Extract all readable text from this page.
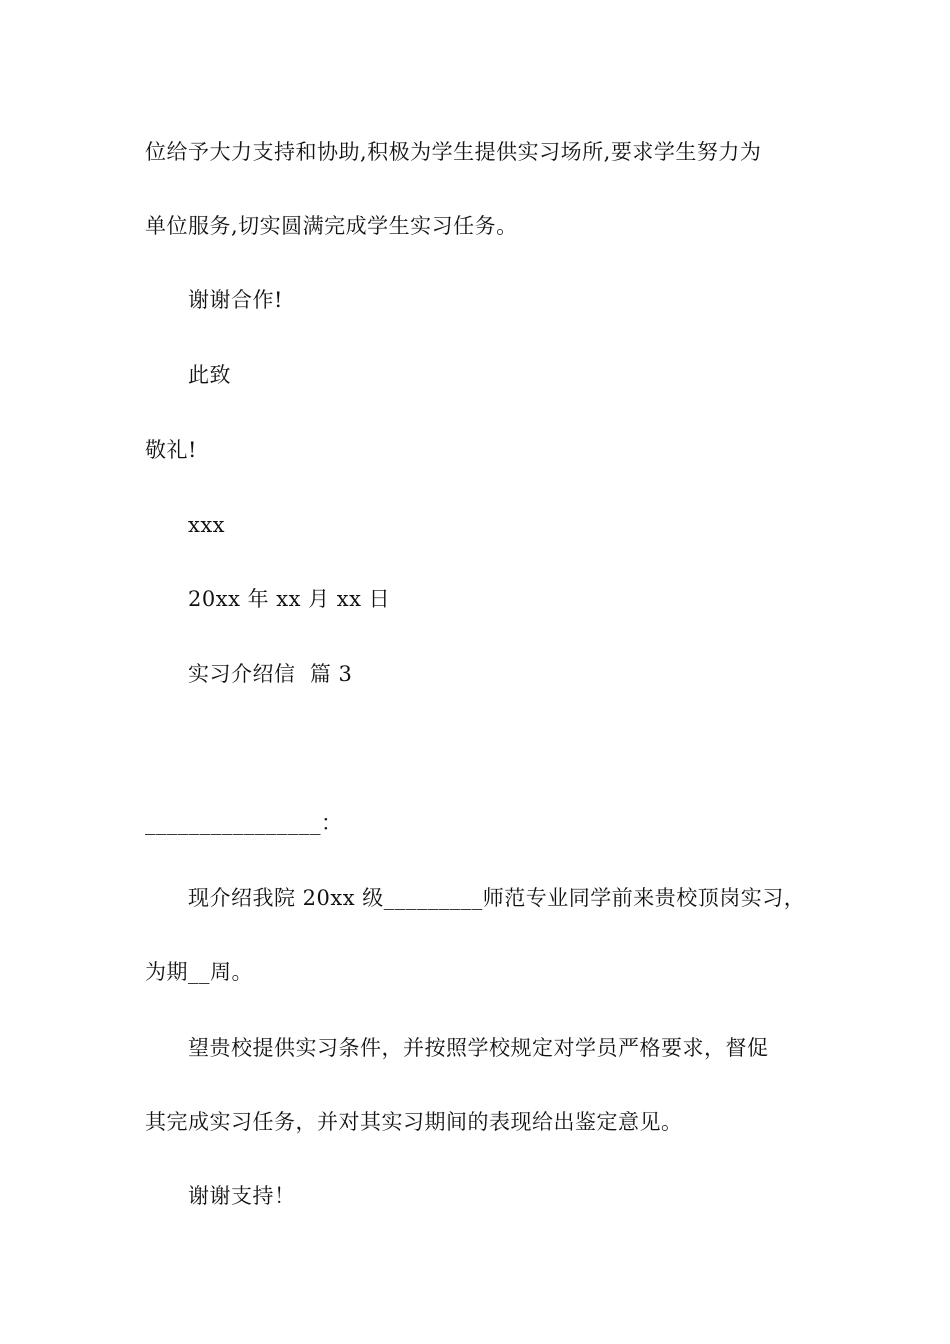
位给予大力支持和协助,积极为学生提供实习场所,要求学生努力为
单位服务,切实圆满完成学生实习任务。
谢谢合作!
此致
敬礼!
xxx
20xx 年 xx 月 xx 日
实习介绍信  篇 3
________________：
现介绍我院 20xx 级_________师范专业同学前来贵校顶岗实习，
为期__周。
望贵校提供实习条件，并按照学校规定对学员严格要求，督促
其完成实习任务，并对其实习期间的表现给出鉴定意见。
谢谢支持！
